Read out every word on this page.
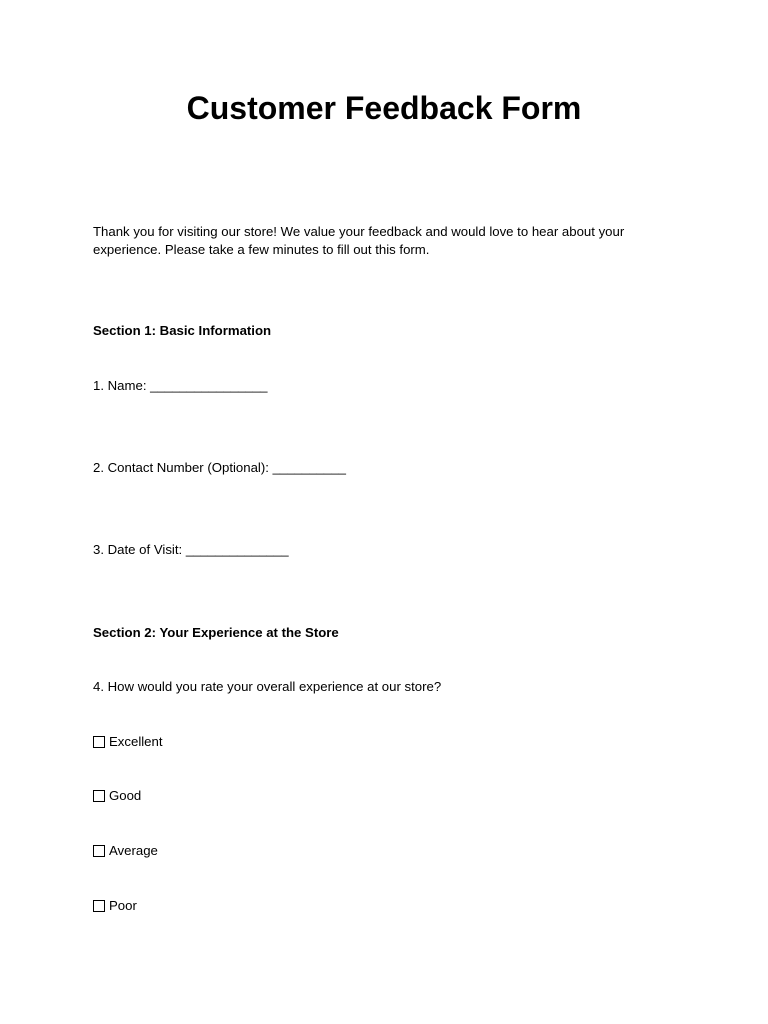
Customer Feedback Form
Thank you for visiting our store! We value your feedback and would love to hear about your
experience. Please take a few minutes to fill out this form.
Section 1: Basic Information
1. Name: ________________
2. Contact Number (Optional): __________
3. Date of Visit: ______________
Section 2: Your Experience at the Store
4. How would you rate your overall experience at our store?
Excellent
Good
Average
Poor
